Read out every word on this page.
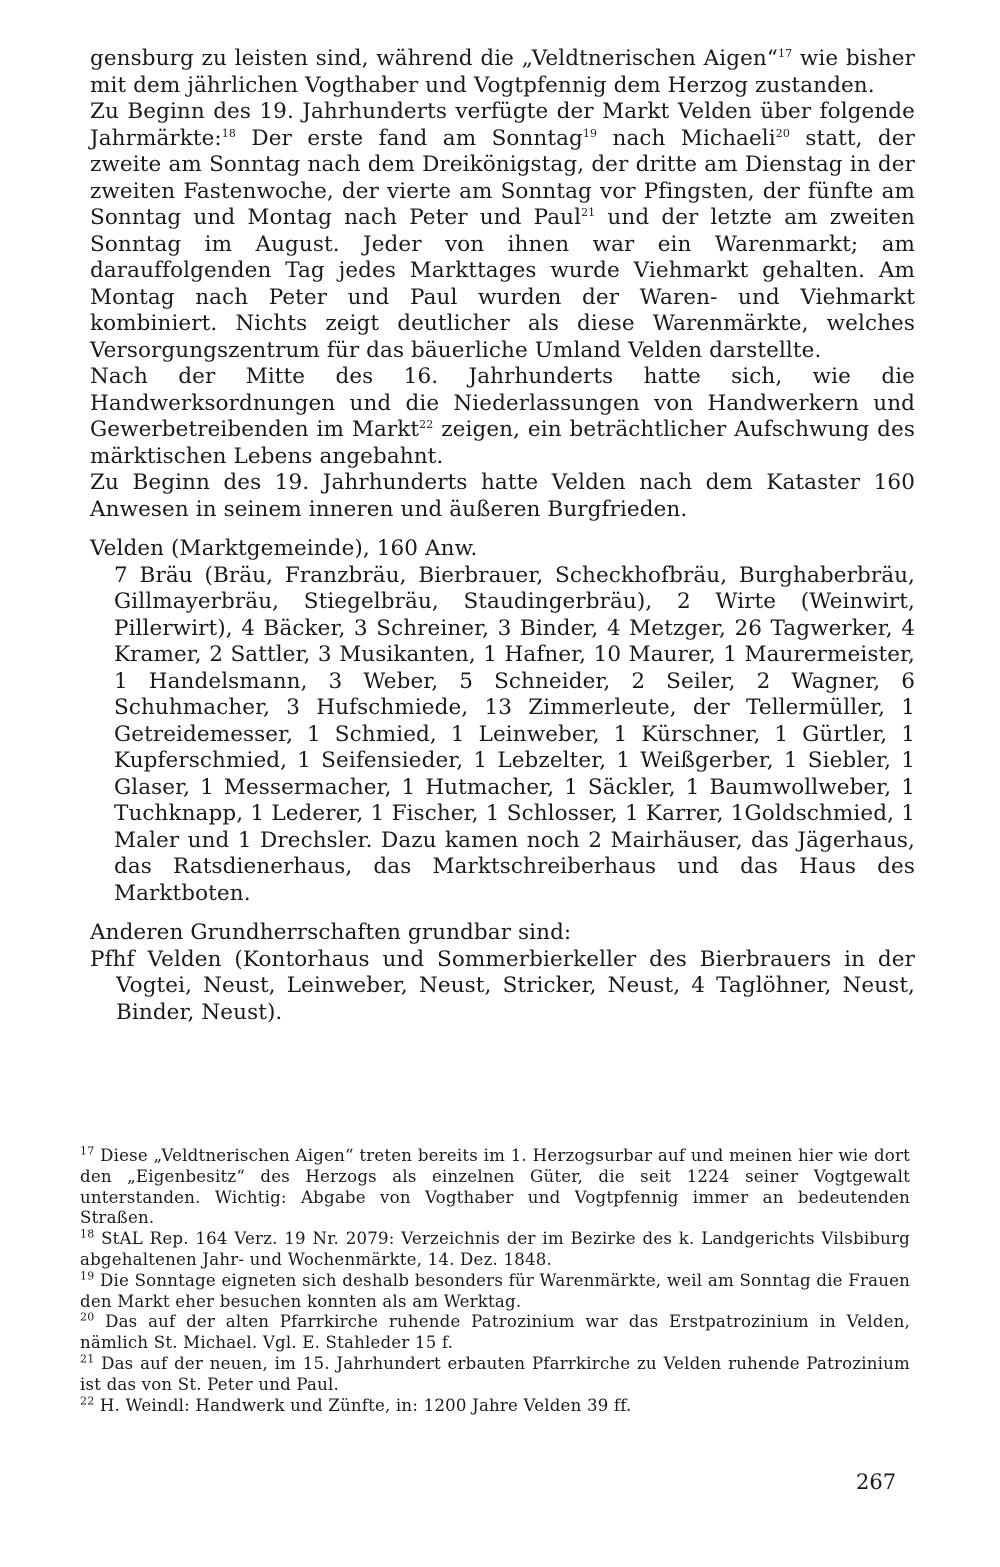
gensburg zu leisten sind, während die „Veldtnerischen Aigen“$^{17}$ wie bisher mit dem jährlichen Vogthaber und Vogtpfennig dem Herzog zustanden.

Zu Beginn des 19. Jahrhunderts verfügte der Markt Velden über folgende Jahrmärkte:$^{18}$ Der erste fand am Sonntag$^{19}$ nach Michaeli$^{20}$ statt, der zweite am Sonntag nach dem Dreikönigstag, der dritte am Dienstag in der zweiten Fastenwoche, der vierte am Sonntag vor Pfingsten, der fünfte am Sonntag und Montag nach Peter und Paul$^{21}$ und der letzte am zweiten Sonntag im August. Jeder von ihnen war ein Warenmarkt; am darauffolgenden Tag jedes Markttages wurde Viehmarkt gehalten. Am Montag nach Peter und Paul wurden der Waren- und Viehmarkt kombiniert. Nichts zeigt deutlicher als diese Warenmärkte, welches Versorgungszentrum für das bäuerliche Umland Velden darstellte.

Nach der Mitte des 16. Jahrhunderts hatte sich, wie die Handwerksordnungen und die Niederlassungen von Handwerkern und Gewerbetreibenden im Markt$^{22}$ zeigen, ein beträchtlicher Aufschwung des märktischen Lebens angebahnt.

Zu Beginn des 19. Jahrhunderts hatte Velden nach dem Kataster 160 Anwesen in seinem inneren und äußeren Burgfrieden.

Velden (Marktgemeinde), 160 Anw.

7 Bräu (Bräu, Franzbräu, Bierbrauer, Scheckhofbräu, Burghaberbräu, Gillmayerbräu, Stiegelbräu, Staudingerbräu), 2 Wirte (Weinwirt, Pillerwirt), 4 Bäcker, 3 Schreiner, 3 Binder, 4 Metzger, 26 Tagwerker, 4 Kramer, 2 Sattler, 3 Musikanten, 1 Hafner, 10 Maurer, 1 Maurermeister, 1 Handelsmann, 3 Weber, 5 Schneider, 2 Seiler, 2 Wagner, 6 Schuhmacher, 3 Hufschmiede, 13 Zimmerleute, der Tellermüller, 1 Getreidemesser, 1 Schmied, 1 Leinweber, 1 Kürschner, 1 Gürtler, 1 Kupferschmied, 1 Seifensieder, 1 Lebzelter, 1 Weißgerber, 1 Siebler, 1 Glaser, 1 Messermacher, 1 Hutmacher, 1 Säckler, 1 Baumwollweber, 1 Tuchknapp, 1 Lederer, 1 Fischer, 1 Schlosser, 1 Karrer, 1Goldschmied, 1 Maler und 1 Drechsler. Dazu kamen noch 2 Mairhäuser, das Jägerhaus, das Ratsdienerhaus, das Marktschreiberhaus und das Haus des Marktboten.

Anderen Grundherrschaften grundbar sind:

Pfhf Velden (Kontorhaus und Sommerbierkeller des Bierbrauers in der Vogtei, Neust, Leinweber, Neust, Stricker, Neust, 4 Taglöhner, Neust, Binder, Neust).

$^{17}$ Diese „Veldtnerischen Aigen“ treten bereits im 1. Herzogsurbar auf und meinen hier wie dort den „Eigenbesitz“ des Herzogs als einzelnen Güter, die seit 1224 seiner Vogtgewalt unterstanden. Wichtig: Abgabe von Vogthaber und Vogtpfennig immer an bedeutenden Straßen.

$^{18}$ StAL Rep. 164 Verz. 19 Nr. 2079: Verzeichnis der im Bezirke des k. Landgerichts Vilsbiburg abgehaltenen Jahr- und Wochenmärkte, 14. Dez. 1848.

$^{19}$ Die Sonntage eigneten sich deshalb besonders für Warenmärkte, weil am Sonntag die Frauen den Markt eher besuchen konnten als am Werktag.

$^{20}$ Das auf der alten Pfarrkirche ruhende Patrozinium war das Erstpatrozinium in Velden, nämlich St. Michael. Vgl. E. Stahleder 15 f.

$^{21}$ Das auf der neuen, im 15. Jahrhundert erbauten Pfarrkirche zu Velden ruhende Patrozinium ist das von St. Peter und Paul.

$^{22}$ H. Weindl: Handwerk und Zünfte, in: 1200 Jahre Velden 39 ff.

267
